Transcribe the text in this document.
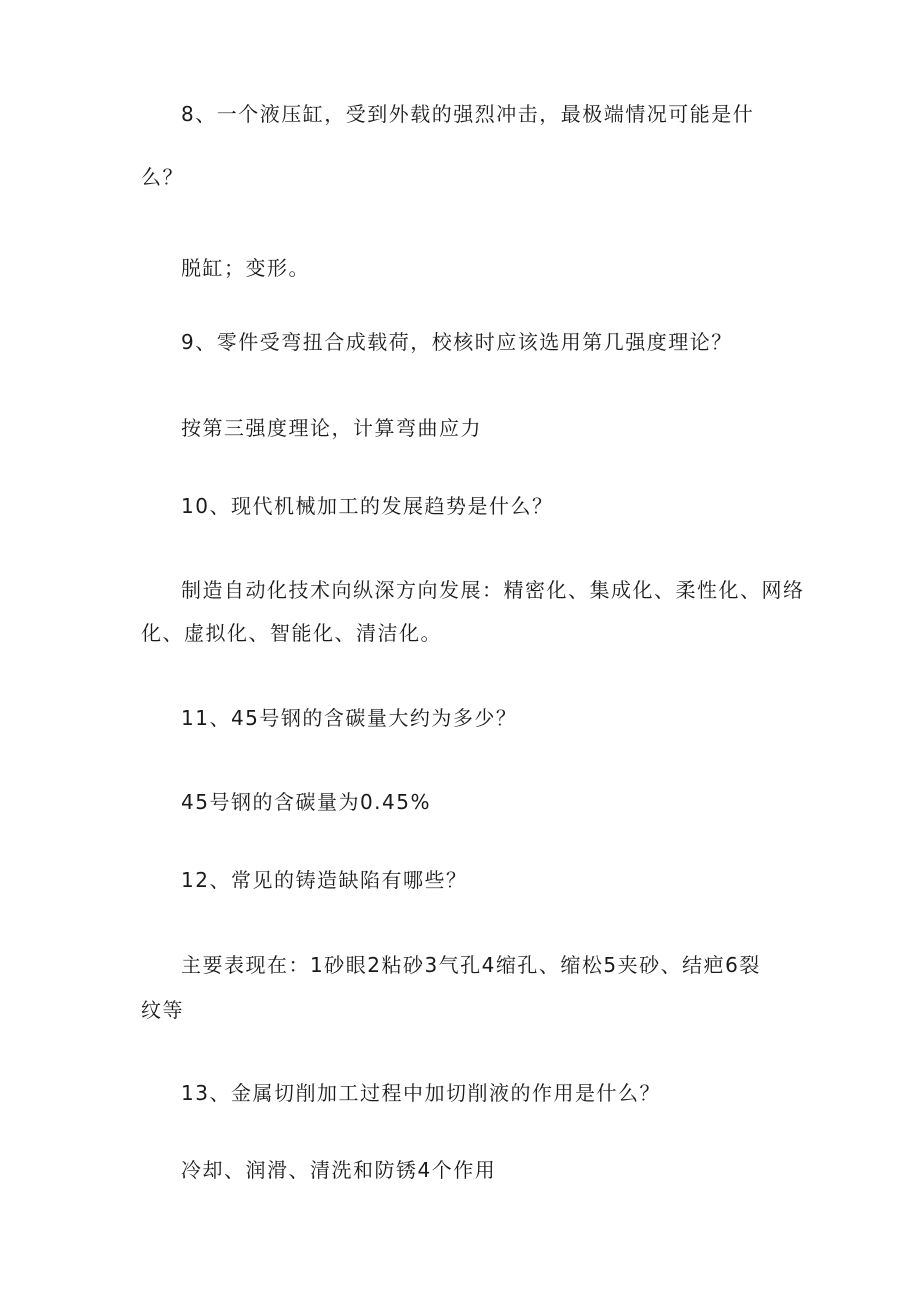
8、一个液压缸，受到外载的强烈冲击，最极端情况可能是什
么？
脱缸；变形。
9、零件受弯扭合成载荷，校核时应该选用第几强度理论？
按第三强度理论，计算弯曲应力
10、现代机械加工的发展趋势是什么？
制造自动化技术向纵深方向发展：精密化、集成化、柔性化、网络
化、虚拟化、智能化、清洁化。
11、45号钢的含碳量大约为多少？
45号钢的含碳量为0.45%
12、常见的铸造缺陷有哪些？
主要表现在：1砂眼2粘砂3气孔4缩孔、缩松5夹砂、结疤6裂
纹等
13、金属切削加工过程中加切削液的作用是什么？
冷却、润滑、清洗和防锈4个作用
